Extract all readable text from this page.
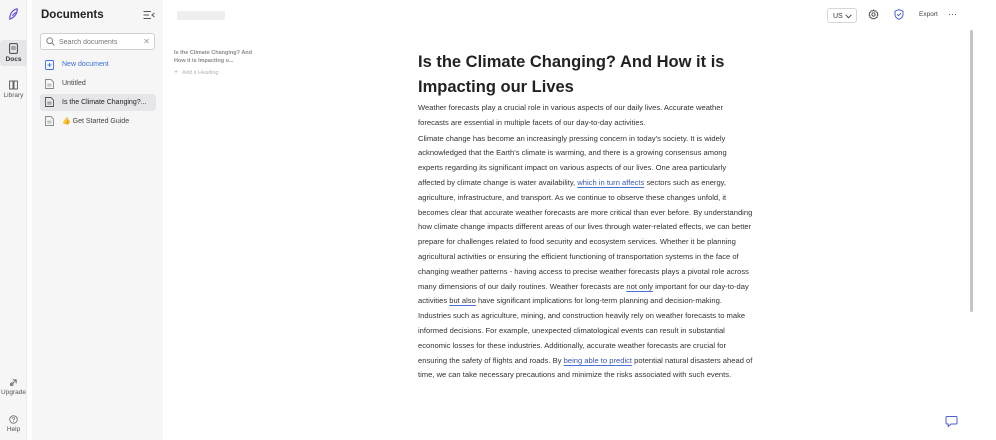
Docs
Library
Upgrade
Help
Documents
Search documents
✕
New document
Untitled
Is the Climate Changing?...
👍 Get Started Guide
US	Export ···
Is the Climate Changing? And How it is Impacting o...
+ Add a Heading
Is the Climate Changing? And How it is Impacting our Lives

Weather forecasts play a crucial role in various aspects of our daily lives. Accurate weather forecasts are essential in multiple facets of our day-to-day activities.

Climate change has become an increasingly pressing concern in today's society. It is widely acknowledged that the Earth's climate is warming, and there is a growing consensus among experts regarding its significant impact on various aspects of our lives. One area particularly affected by climate change is water availability, which in turn affects sectors such as energy, agriculture, infrastructure, and transport. As we continue to observe these changes unfold, it becomes clear that accurate weather forecasts are more critical than ever before. By understanding how climate change impacts different areas of our lives through water-related effects, we can better prepare for challenges related to food security and ecosystem services. Whether it be planning agricultural activities or ensuring the efficient functioning of transportation systems in the face of changing weather patterns - having access to precise weather forecasts plays a pivotal role across many dimensions of our daily routines. Weather forecasts are not only important for our day-to-day activities but also have significant implications for long-term planning and decision-making. Industries such as agriculture, mining, and construction heavily rely on weather forecasts to make informed decisions. For example, unexpected climatological events can result in substantial economic losses for these industries. Additionally, accurate weather forecasts are crucial for ensuring the safety of flights and roads. By being able to predict potential natural disasters ahead of time, we can take necessary precautions and minimize the risks associated with such events.
